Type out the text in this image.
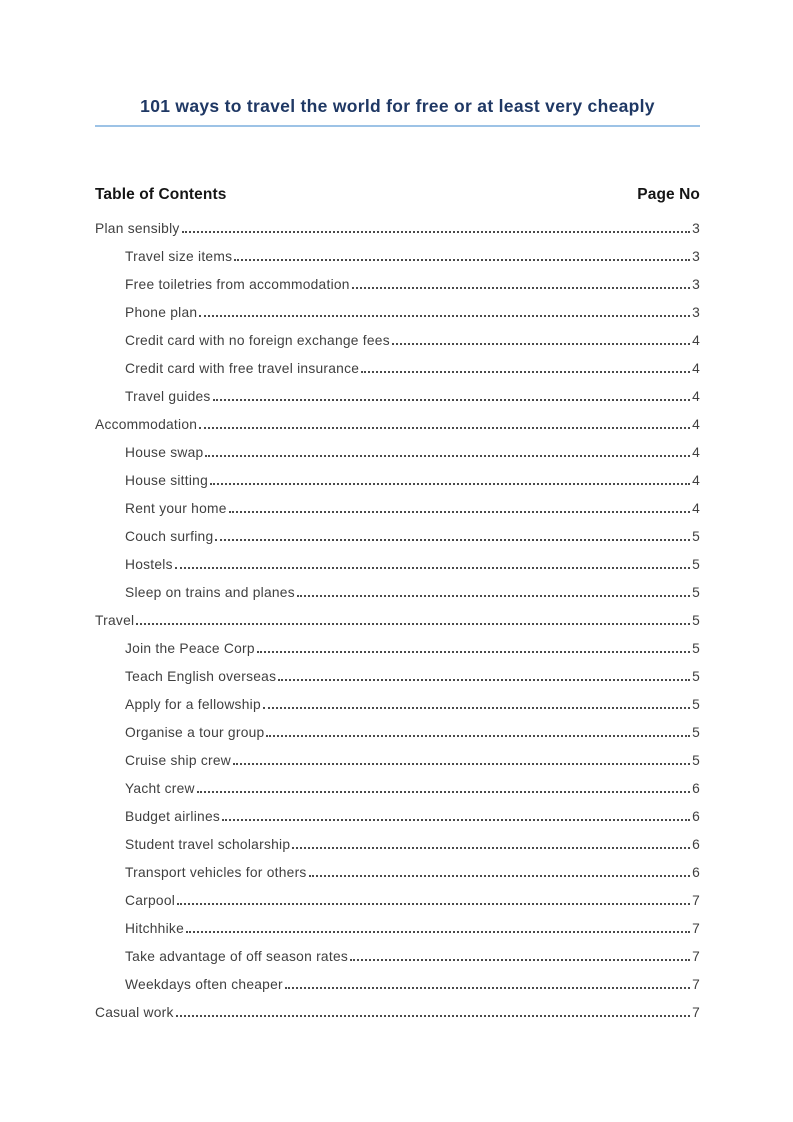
101 ways to travel the world for free or at least very cheaply
Table of Contents	Page No
Plan sensibly	3
Travel size items	3
Free toiletries from accommodation	3
Phone plan	3
Credit card with no foreign exchange fees	4
Credit card with free travel insurance	4
Travel guides	4
Accommodation	4
House swap	4
House sitting	4
Rent your home	4
Couch surfing	5
Hostels	5
Sleep on trains and planes	5
Travel	5
Join the Peace Corp	5
Teach English overseas	5
Apply for a fellowship	5
Organise a tour group	5
Cruise ship crew	5
Yacht crew	6
Budget airlines	6
Student travel scholarship	6
Transport vehicles for others	6
Carpool	7
Hitchhike	7
Take advantage of off season rates	7
Weekdays often cheaper	7
Casual work	7
